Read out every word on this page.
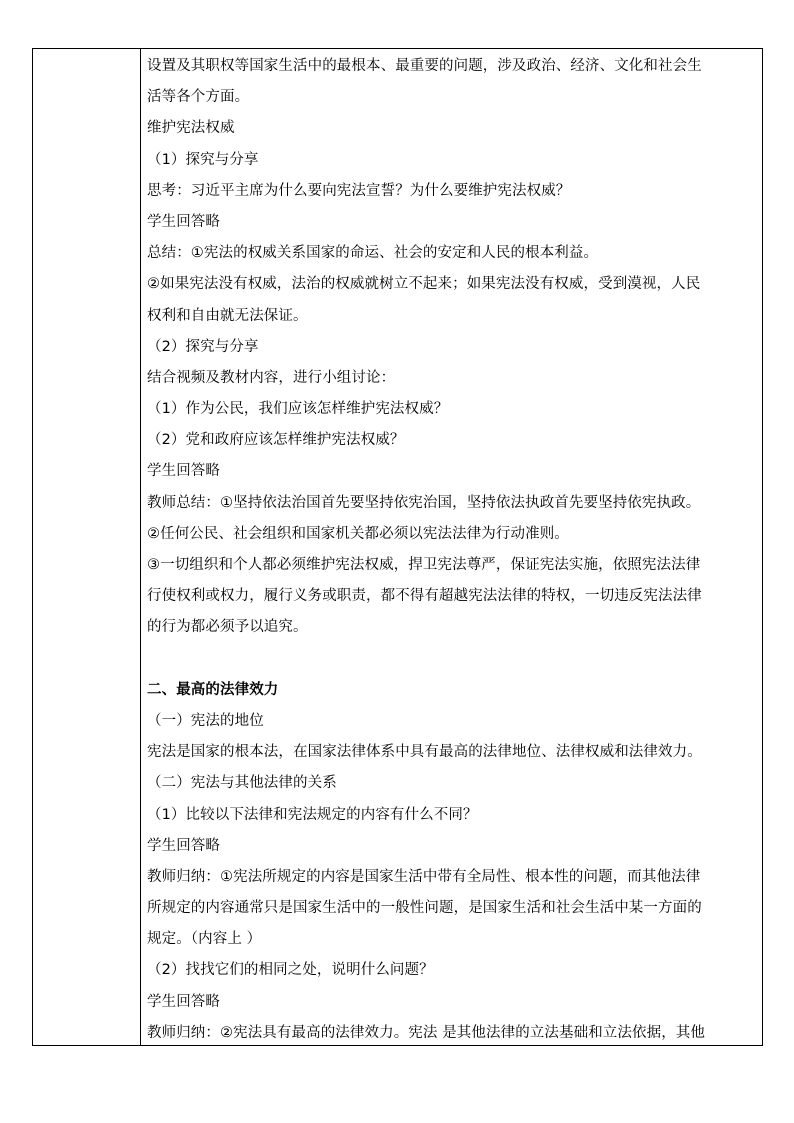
设置及其职权等国家生活中的最根本、最重要的问题，涉及政治、经济、文化和社会生
活等各个方面。
维护宪法权威
（1）探究与分享
思考：习近平主席为什么要向宪法宣誓？为什么要维护宪法权威？
学生回答略
总结：①宪法的权威关系国家的命运、社会的安定和人民的根本利益。
②如果宪法没有权威，法治的权威就树立不起来；如果宪法没有权威，受到漠视，人民
权利和自由就无法保证。
（2）探究与分享
结合视频及教材内容，进行小组讨论：
（1）作为公民，我们应该怎样维护宪法权威？
（2）党和政府应该怎样维护宪法权威？
学生回答略
教师总结：①坚持依法治国首先要坚持依宪治国，坚持依法执政首先要坚持依宪执政。
②任何公民、社会组织和国家机关都必须以宪法法律为行动准则。
③一切组织和个人都必须维护宪法权威，捍卫宪法尊严，保证宪法实施，依照宪法法律
行使权利或权力，履行义务或职责，都不得有超越宪法法律的特权，一切违反宪法法律
的行为都必须予以追究。
二、最高的法律效力
（一）宪法的地位
宪法是国家的根本法，在国家法律体系中具有最高的法律地位、法律权威和法律效力。
（二）宪法与其他法律的关系
（1）比较以下法律和宪法规定的内容有什么不同？
学生回答略
教师归纳：①宪法所规定的内容是国家生活中带有全局性、根本性的问题，而其他法律
所规定的内容通常只是国家生活中的一般性问题，是国家生活和社会生活中某一方面的
规定。（内容上 ）
（2）找找它们的相同之处，说明什么问题？
学生回答略
教师归纳：②宪法具有最高的法律效力。宪法 是其他法律的立法基础和立法依据，其他
